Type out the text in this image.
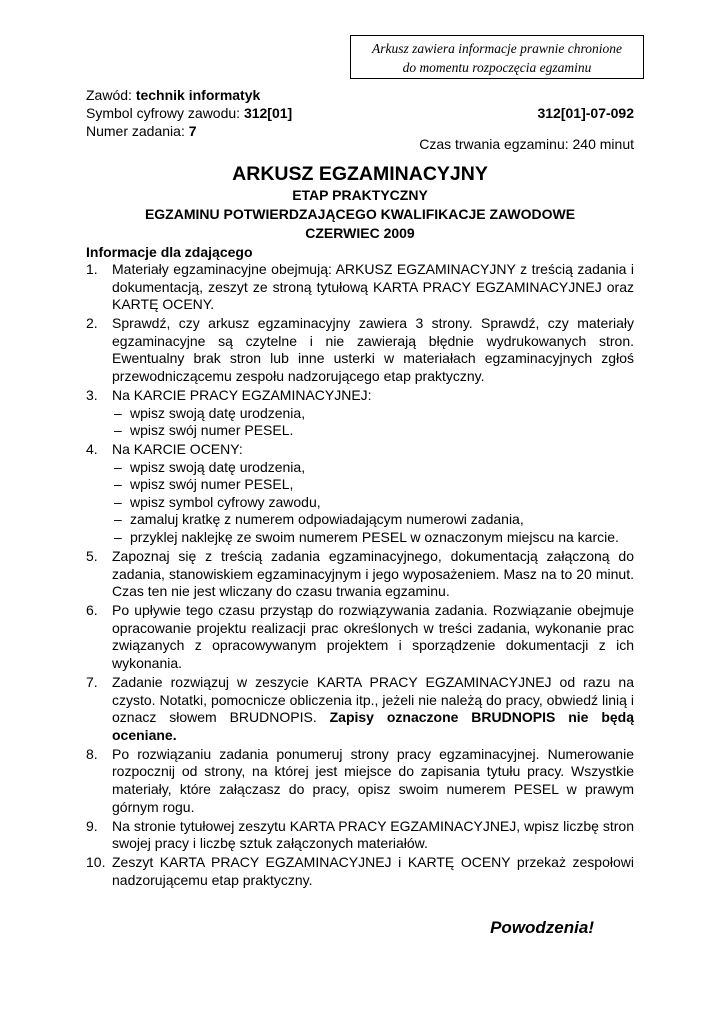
Arkusz zawiera informacje prawnie chronione
do momentu rozpoczęcia egzaminu
Zawód: technik informatyk
Symbol cyfrowy zawodu: 312[01]	312[01]-07-092
Numer zadania: 7
Czas trwania egzaminu: 240 minut
ARKUSZ EGZAMINACYJNY
ETAP PRAKTYCZNY
EGZAMINU POTWIERDZAJĄCEGO KWALIFIKACJE ZAWODOWE
CZERWIEC 2009
Informacje dla zdającego
1. Materiały egzaminacyjne obejmują: ARKUSZ EGZAMINACYJNY z treścią zadania i dokumentacją, zeszyt ze stroną tytułową KARTA PRACY EGZAMINACYJNEJ oraz KARTĘ OCENY.
2. Sprawdź, czy arkusz egzaminacyjny zawiera 3 strony. Sprawdź, czy materiały egzaminacyjne są czytelne i nie zawierają błędnie wydrukowanych stron. Ewentualny brak stron lub inne usterki w materiałach egzaminacyjnych zgłoś przewodniczącemu zespołu nadzorującego etap praktyczny.
3. Na KARCIE PRACY EGZAMINACYJNEJ:
– wpisz swoją datę urodzenia,
– wpisz swój numer PESEL.
4. Na KARCIE OCENY:
– wpisz swoją datę urodzenia,
– wpisz swój numer PESEL,
– wpisz symbol cyfrowy zawodu,
– zamaluj kratkę z numerem odpowiadającym numerowi zadania,
– przyklej naklejkę ze swoim numerem PESEL w oznaczonym miejscu na karcie.
5. Zapoznaj się z treścią zadania egzaminacyjnego, dokumentacją załączoną do zadania, stanowiskiem egzaminacyjnym i jego wyposażeniem. Masz na to 20 minut. Czas ten nie jest wliczany do czasu trwania egzaminu.
6. Po upływie tego czasu przystąp do rozwiązywania zadania. Rozwiązanie obejmuje opracowanie projektu realizacji prac określonych w treści zadania, wykonanie prac związanych z opracowywanym projektem i sporządzenie dokumentacji z ich wykonania.
7. Zadanie rozwiązuj w zeszycie KARTA PRACY EGZAMINACYJNEJ od razu na czysto. Notatki, pomocnicze obliczenia itp., jeżeli nie należą do pracy, obwiedź linią i oznacz słowem BRUDNOPIS. Zapisy oznaczone BRUDNOPIS nie będą oceniane.
8. Po rozwiązaniu zadania ponumeruj strony pracy egzaminacyjnej. Numerowanie rozpocznij od strony, na której jest miejsce do zapisania tytułu pracy. Wszystkie materiały, które załączasz do pracy, opisz swoim numerem PESEL w prawym górnym rogu.
9. Na stronie tytułowej zeszytu KARTA PRACY EGZAMINACYJNEJ, wpisz liczbę stron swojej pracy i liczbę sztuk załączonych materiałów.
10. Zeszyt KARTA PRACY EGZAMINACYJNEJ i KARTĘ OCENY przekaż zespołowi nadzorującemu etap praktyczny.
Powodzenia!
